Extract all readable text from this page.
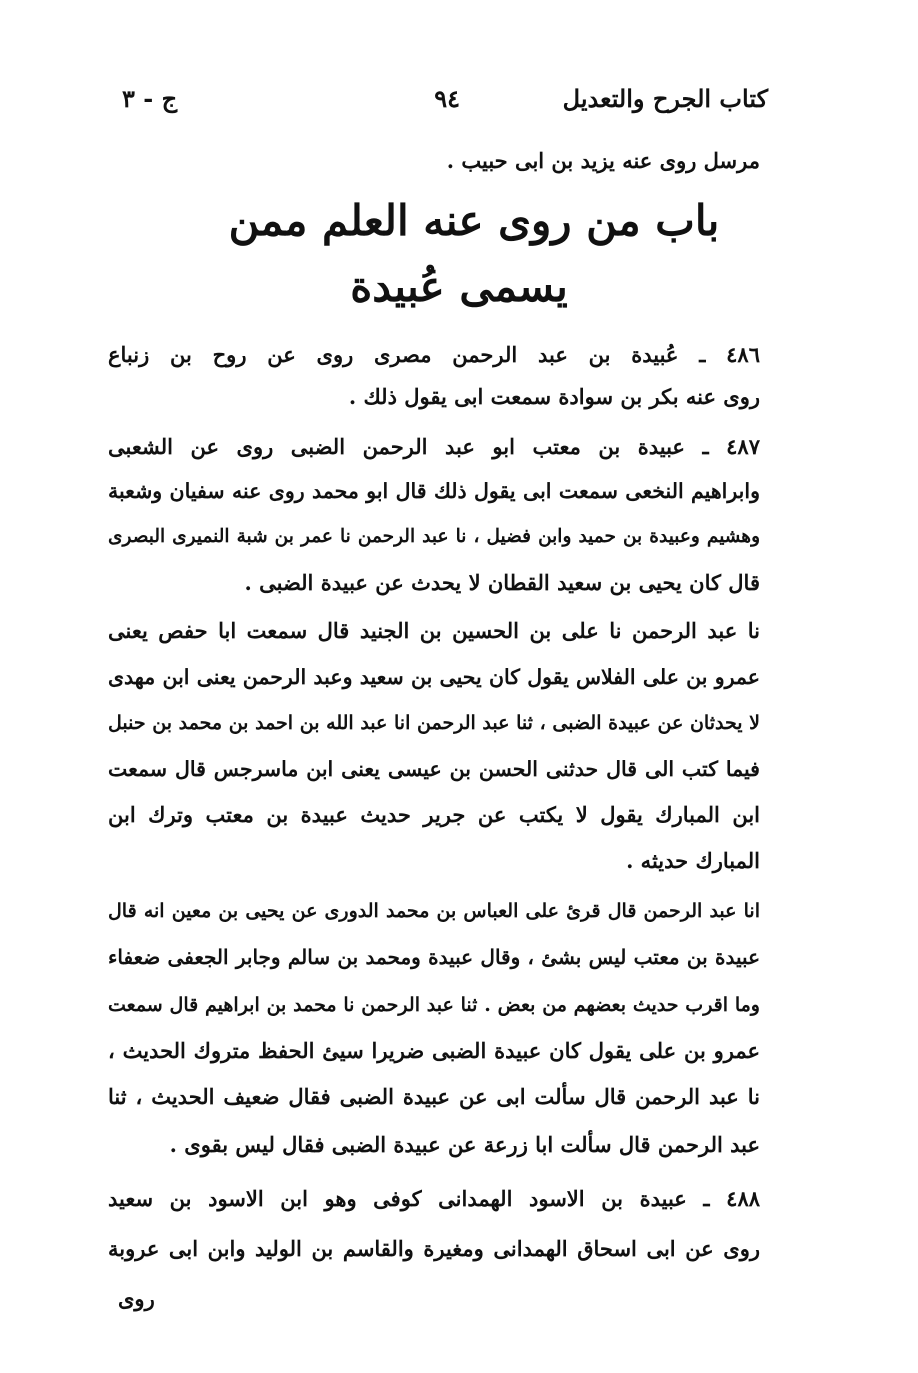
كتاب الجرح والتعديل
٩٤
ج - ٣
مرسل روى عنه يزيد بن ابى حبيب .
باب من روى عنه العلم ممن
يسمى عُبيدة
٤٨٦ ـ عُبيدة بن عبد الرحمن مصرى روى عن روح بن زنباع
روى عنه بكر بن سوادة سمعت ابى يقول ذلك .
٤٨٧ ـ عبيدة بن معتب ابو عبد الرحمن الضبى روى عن الشعبى
وابراهيم النخعى سمعت ابى يقول ذلك قال ابو محمد روى عنه سفيان وشعبة
وهشيم وعبيدة بن حميد وابن فضيل ، نا عبد الرحمن نا عمر بن شبة النميرى البصرى
قال كان يحيى بن سعيد القطان لا يحدث عن عبيدة الضبى .
نا عبد الرحمن نا على بن الحسين بن الجنيد قال سمعت ابا حفص يعنى
عمرو بن على الفلاس يقول كان يحيى بن سعيد وعبد الرحمن يعنى ابن مهدى
لا يحدثان عن عبيدة الضبى ، ثنا عبد الرحمن انا عبد الله بن احمد بن محمد بن حنبل
فيما كتب الى قال حدثنى الحسن بن عيسى يعنى ابن ماسرجس قال سمعت
ابن المبارك يقول لا يكتب عن جرير حديث عبيدة بن معتب وترك ابن
المبارك حديثه .
انا عبد الرحمن قال قرئ على العباس بن محمد الدورى عن يحيى بن معين انه قال
عبيدة بن معتب ليس بشئ ، وقال عبيدة ومحمد بن سالم وجابر الجعفى ضعفاء
وما اقرب حديث بعضهم من بعض . ثنا عبد الرحمن نا محمد بن ابراهيم قال سمعت
عمرو بن على يقول كان عبيدة الضبى ضريرا سيئ الحفظ متروك الحديث ،
نا عبد الرحمن قال سألت ابى عن عبيدة الضبى فقال ضعيف الحديث ، ثنا
عبد الرحمن قال سألت ابا زرعة عن عبيدة الضبى فقال ليس بقوى .
٤٨٨ ـ عبيدة بن الاسود الهمدانى كوفى وهو ابن الاسود بن سعيد
روى عن ابى اسحاق الهمدانى ومغيرة والقاسم بن الوليد وابن ابى عروبة
روى
